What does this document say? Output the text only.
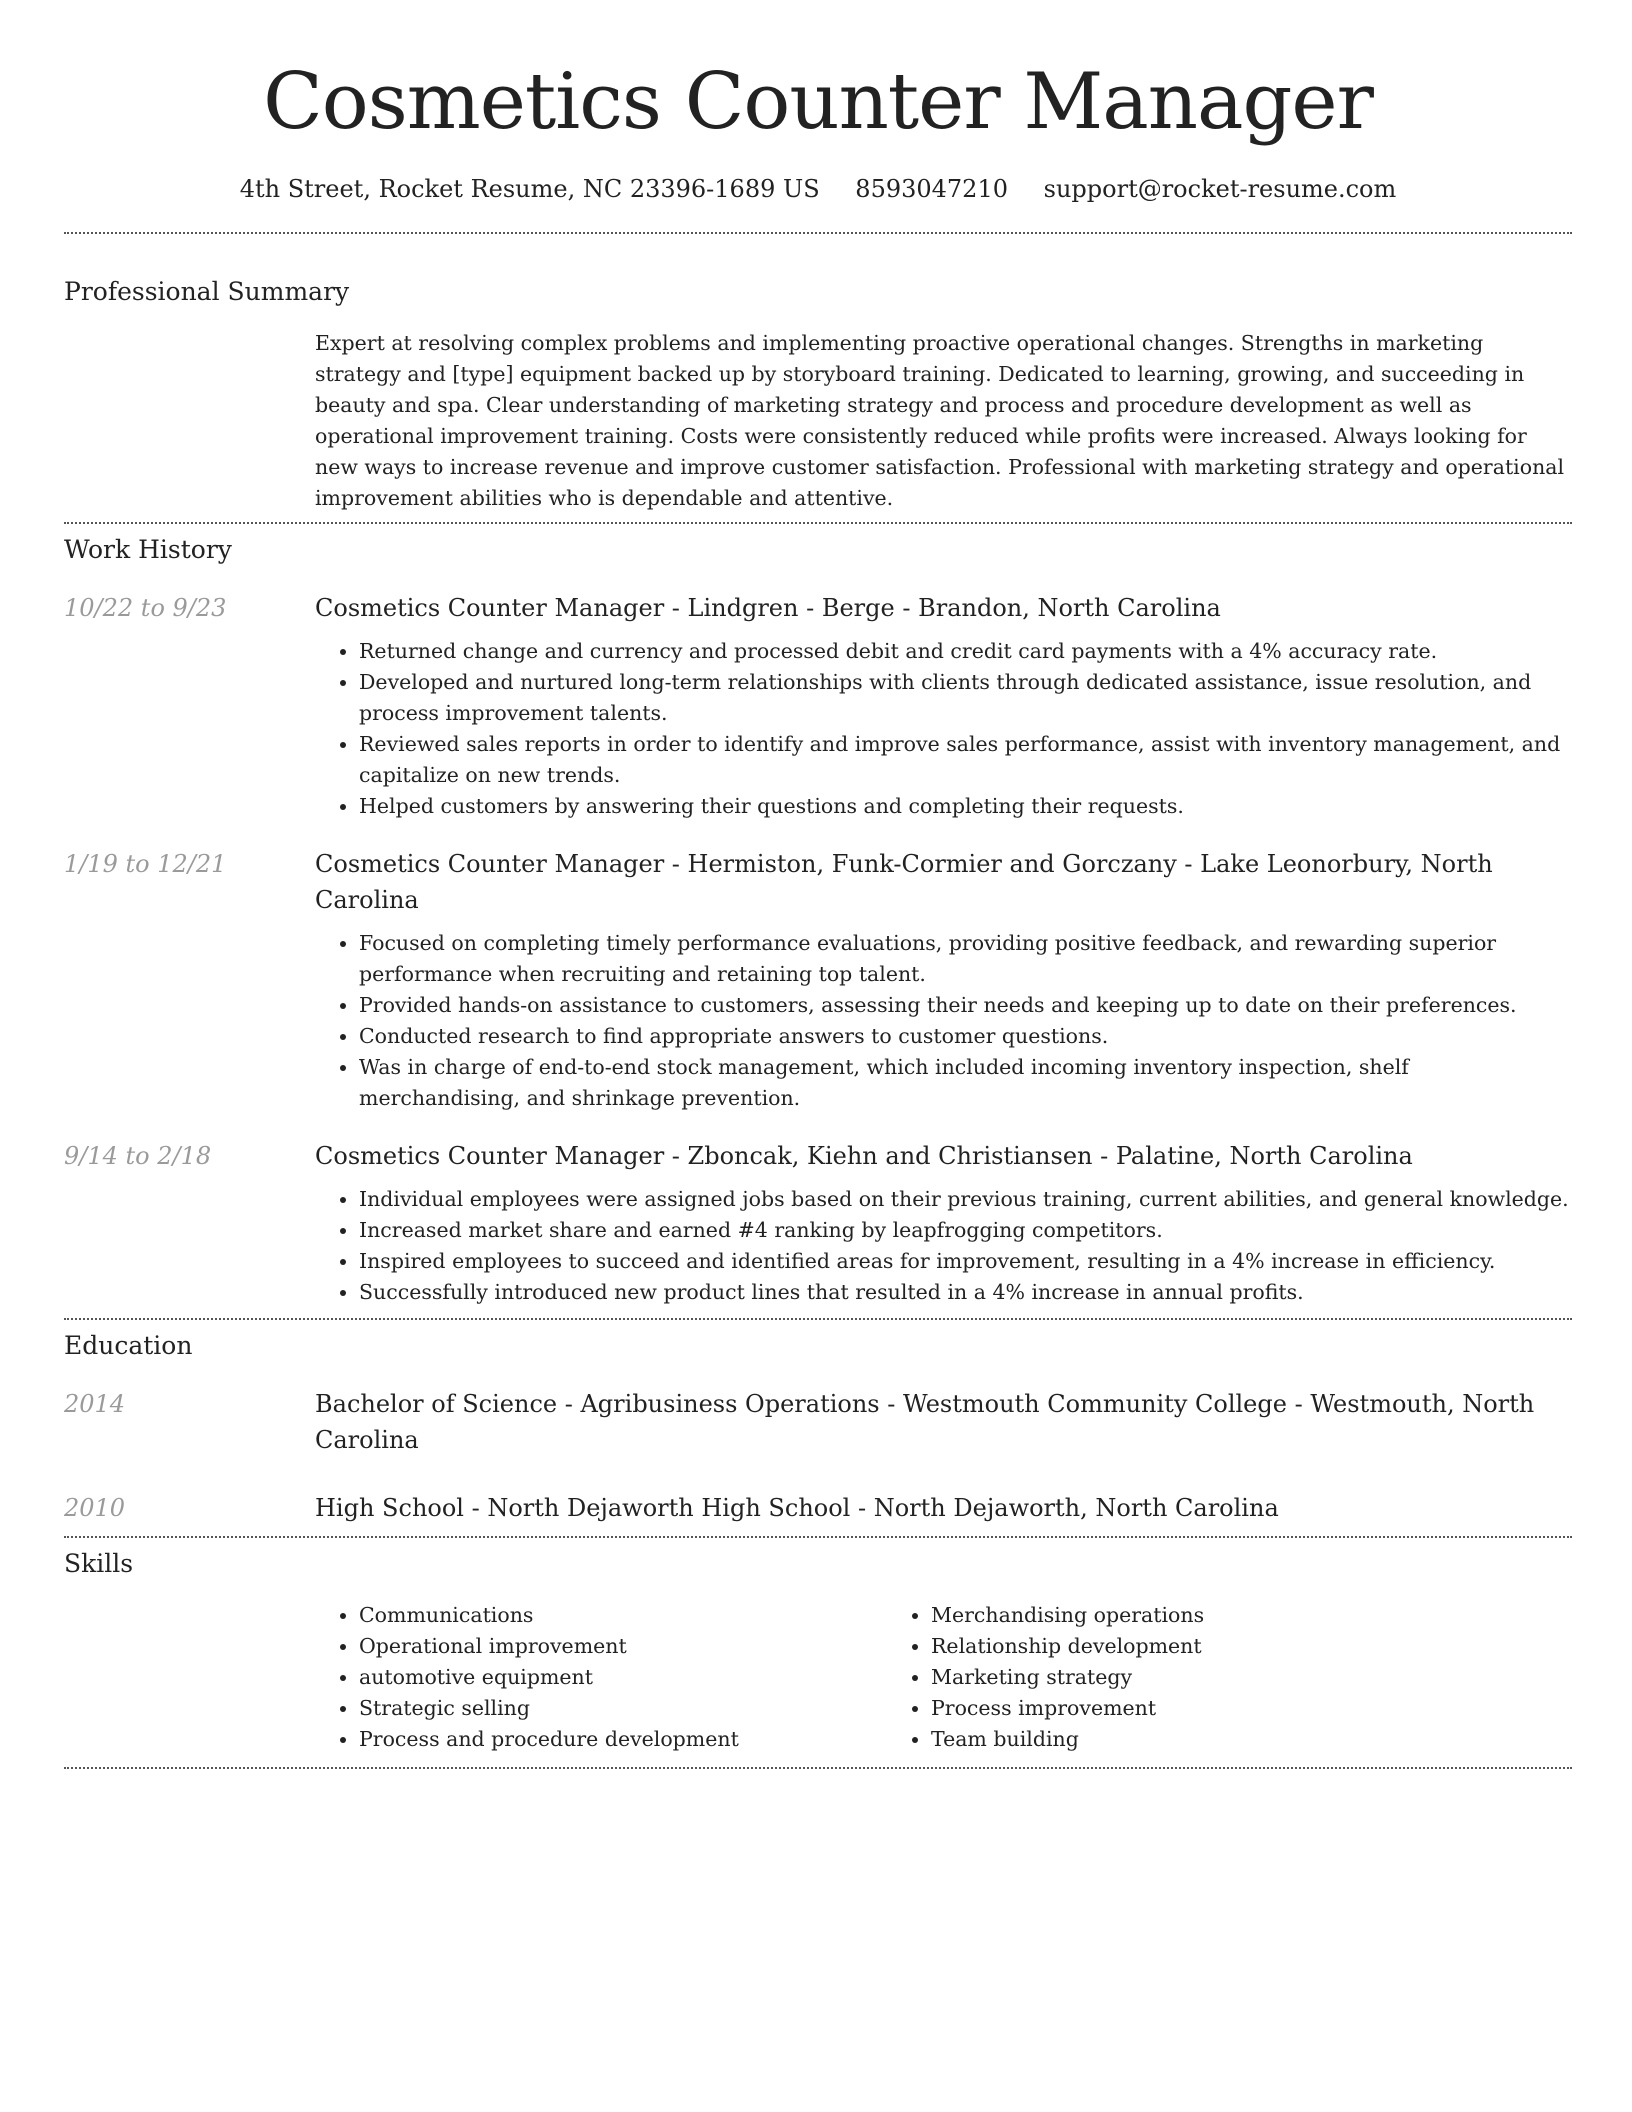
Cosmetics Counter Manager
4th Street, Rocket Resume, NC 23396-1689 US 8593047210 support@rocket-resume.com
Professional Summary

Expert at resolving complex problems and implementing proactive operational changes. Strengths in marketing strategy and [type] equipment backed up by storyboard training. Dedicated to learning, growing, and succeeding in beauty and spa. Clear understanding of marketing strategy and process and procedure development as well as operational improvement training. Costs were consistently reduced while profits were increased. Always looking for new ways to increase revenue and improve customer satisfaction. Professional with marketing strategy and operational improvement abilities who is dependable and attentive.

Work History
10/22 to 9/23	Cosmetics Counter Manager - Lindgren - Berge - Brandon, North Carolina

• Returned change and currency and processed debit and credit card payments with a 4% accuracy rate.
• Developed and nurtured long-term relationships with clients through dedicated assistance, issue resolution, and process improvement talents.
• Reviewed sales reports in order to identify and improve sales performance, assist with inventory management, and capitalize on new trends.
• Helped customers by answering their questions and completing their requests.
1/19 to 12/21	Cosmetics Counter Manager - Hermiston, Funk-Cormier and Gorczany - Lake Leonorbury, North Carolina

• Focused on completing timely performance evaluations, providing positive feedback, and rewarding superior performance when recruiting and retaining top talent.
• Provided hands-on assistance to customers, assessing their needs and keeping up to date on their preferences.
• Conducted research to find appropriate answers to customer questions.
• Was in charge of end-to-end stock management, which included incoming inventory inspection, shelf merchandising, and shrinkage prevention.
9/14 to 2/18	Cosmetics Counter Manager - Zboncak, Kiehn and Christiansen - Palatine, North Carolina

• Individual employees were assigned jobs based on their previous training, current abilities, and general knowledge.
• Increased market share and earned #4 ranking by leapfrogging competitors.
• Inspired employees to succeed and identified areas for improvement, resulting in a 4% increase in efficiency.
• Successfully introduced new product lines that resulted in a 4% increase in annual profits.
Education
2014	Bachelor of Science - Agribusiness Operations - Westmouth Community College - Westmouth, North Carolina

2010	High School - North Dejaworth High School - North Dejaworth, North Carolina

Skills
• Communications
• Operational improvement
• automotive equipment
• Strategic selling
• Process and procedure development
• Merchandising operations
• Relationship development
• Marketing strategy
• Process improvement
• Team building
